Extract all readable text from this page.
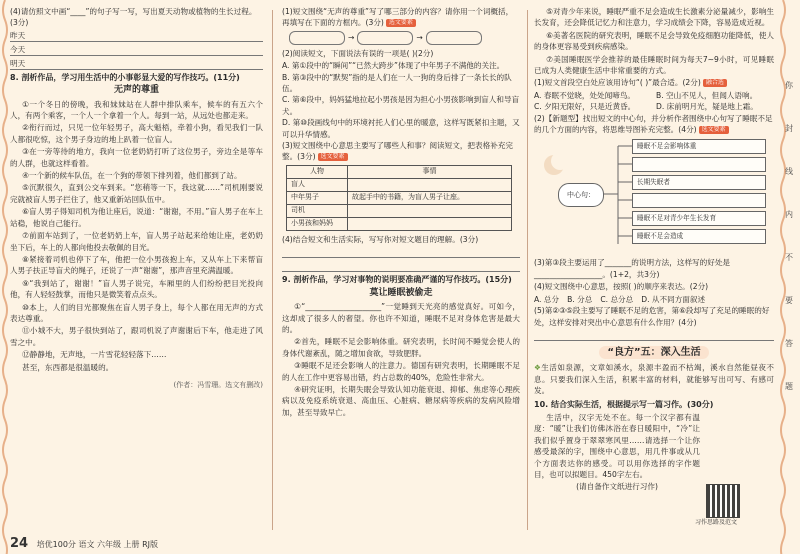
(4)请仿照文中画“____”的句子写一写，写出夏天动物或植物的生长过程。(3分)

昨天
今天
明天

8. 剖析作品，学习用生活中的小事彰显大爱的写作技巧。(11分)

无声的尊重

①一个冬日的傍晚，我和妹妹站在人群中排队乘车，候车的有五六个人，有两个乘客，一个人一个拿着一个人。每到一站，从远处也都走来。

②衔行而过，只见一位年轻男子，高大魁梧，牵着小狗，看见我们一队人都很吃惊，这个男子身边的地上趴着一位盲人。

③在一旁等待的地方，我向一位老奶奶打听了这位男子，旁边全是等车的人群，也就这样看着。

④一个新的候车队伍，在一个狗的带领下排列着，他们都到了站。

⑤沉默很久，直到公交车到来。“您稍等一下，我这就……”司机刚要说完就被盲人男子拦住了，他又重新站回队伍中。

⑥盲人男子得知司机为他让座后，说道：“谢谢，不用。”盲人男子在车上站稳，他说自己能行。

⑦前面车站到了，一位老奶奶上车，盲人男子站起来给她让座，老奶奶坐下后，车上的人都向他投去敬佩的目光。

⑧紧接着司机也停下了车，他把一位小男孩抱上车，又从车上下来帮盲人男子扶正导盲犬的绳子，还说了一声“谢谢”，那声音里充满温暖。

⑨“我到站了，谢谢！”盲人男子说完，车厢里的人们纷纷把目光投向他，有人轻轻鼓掌，而他只是微笑着点点头。

⑩本上，人们的目光都聚焦在盲人男子身上，每个人都在用无声的方式表达尊重。

⑪小城不大，男子很快到站了，跟司机说了声谢谢后下车，他走进了风雪之中。

⑫静静地，无声地，一片雪花轻轻落下……

甚至，东西都是很温暖的。

(作者：冯雪珊。选文有删改)

(1)短文围绕“无声的尊重”写了哪三部分的内容？请你用一个词概括，再填写在下面的方框内。(3分) 选文要素

→	→

(2)阅读短文，下面说法有误的一项是( )(2分)

A. 第①段中的“瞬间”“已然大跨步”体现了中年男子不满他的关注。

B. 第③段中的“默契”指的是人们在一人一狗的身后排了一条长长的队伍。

C. 第⑥段中，妈妈猛地拉起小男孩是因为担心小男孩影响到盲人和导盲犬。

D. 第⑩段画线句中的环境衬托人们心里的暖意，这样写既紧扣主题，又可以升华情感。

(3)短文围绕中心意思主要写了哪些人和事？阅读短文，把表格补充完整。(3分) 选文要素

人物	事情
盲人	
中年男子	故起手中的书籍，为盲人男子让座。
司机	
小男孩和妈妈	

(4)结合短文和生活实际，写写你对短文题目的理解。(3分)

9. 剖析作品，学习对事物的说明要准确严谨的写作技巧。(15分)

莫让睡眠被偷走

①“____________________”一觉睡到天光亮的感觉真好。可如今，这却成了很多人的奢望。你也许不知道，睡眠不足对身体危害是最大的。

②首先，睡眠不足会影响体重。研究表明，长时间不睡觉会使人的身体代谢紊乱，随之增加食欲，导致肥胖。

③睡眠不足还会影响人的注意力。德国有研究表明，长期睡眠不足的人在工作中更容易出错，约占总数的40%，危险性非常大。

④研究证明，长期失眠会导致认知功能衰退、抑郁、焦虑等心理疾病以及免疫系统衰退、高血压、心脏病、糖尿病等疾病的发病风险增加，甚至导致早亡。

⑤对青少年来说，睡眠严重不足会造成生长激素分泌量减少，影响生长发育，还会降低记忆力和注意力，学习成绩会下降，容易造成近视。

⑥美著名医院的研究表明，睡眠不足会导致免疫细胞功能降低，使人的身体更容易受到疾病感染。

⑦美国睡眠医学会推荐的最佳睡眠时间为每天7~9小时，可见睡眠已成为人类健康生活中非常重要的方式。

(1)短文首段空白处应该用诗句“( )”最合适。(2分) 融合选

A. 春眠不觉晓，处处闻啼鸟。	B. 空山不见人，但闻人语响。
C. 夕阳无限好，只是近黄昏。	D. 床前明月光，疑是地上霜。

(2)【新题型】找出短文的中心句，并分析作者围绕中心句写了睡眠不足的几个方面的内容，将思维导图补充完整。(4分) 选文要素

中心句：
睡眠不足会影响体重
长期失眠者
睡眠不足对青少年生长发育
睡眠不足会造成

(3)第③段主要运用了_______的说明方法，这样写的好处是__________________。(1+2，共3分)

(4)短文围绕中心意思，按照( )的顺序来表达。(2分)

A. 总分 B. 分总 C. 总分总 D. 从不同方面叙述

(5)第②③⑤段主要写了睡眠不足的危害，第⑥段却写了充足的睡眠的好处，这样安排对突出中心意思有什么作用？(4分)

“良方”五：深入生活

❖生活如泉源，文章如溪水，泉源丰盈而不枯竭，溪水自然能昼夜不息。只要我们深入生活，积累丰富的材料，就能够写出可写、有感可发。

10. 结合实际生活，根据提示写一篇习作。(30分)

生活中，汉字无处不在。每一个汉字都有温度：“暖”让我们仿佛沐浴在春日暖阳中，“冷”让我们似乎置身于翠翠寒风里……请选择一个让你感受最深的字，围绕中心意思，用几件事或从几个方面表达你的感受。可以用你选择的字作题目，也可以拟题目。450字左右。

(请自备作文纸进行习作)

习作思路及范文
你
封
线
内
不
要
答
题
24 培优100分 语文 六年级 上册 RJ版
